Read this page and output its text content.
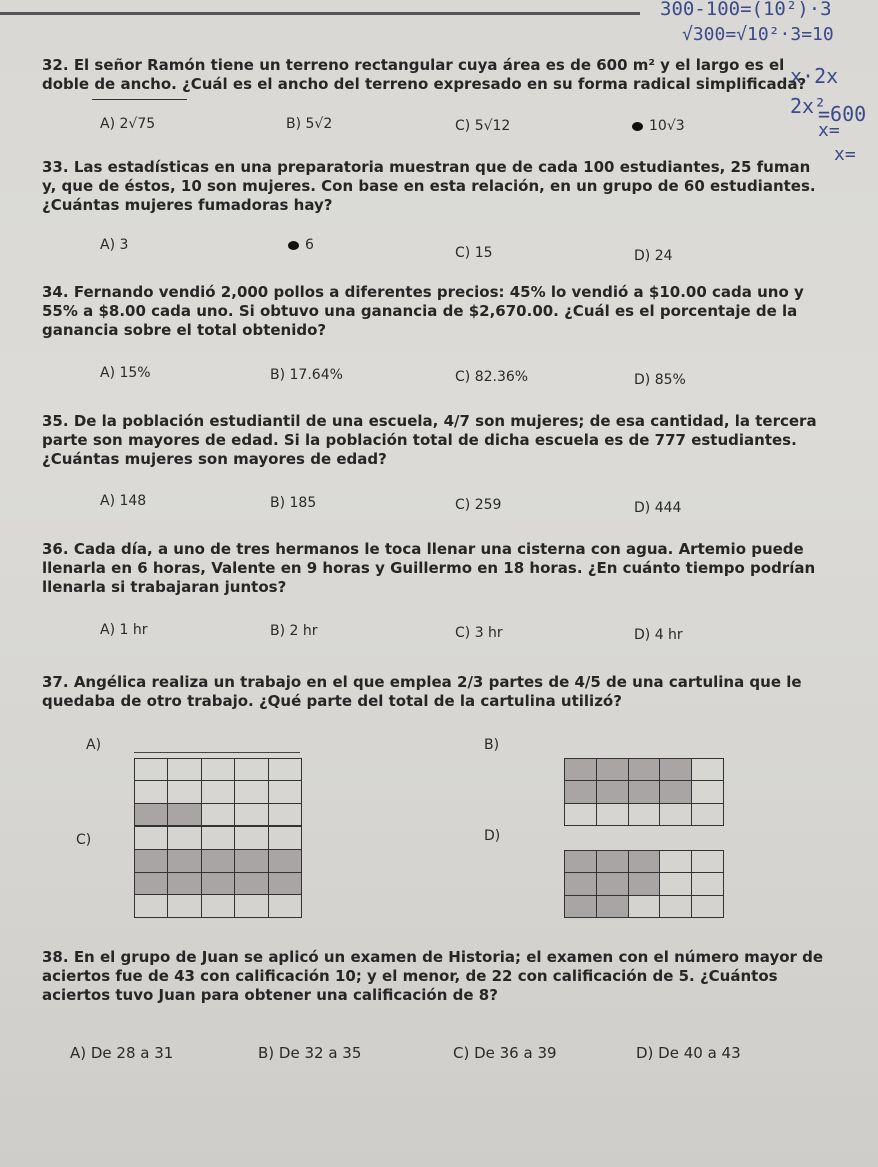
300-100=(10²)·3
√300=√10²·3=10
x·2x
2x²
=600
x=
x=
32. El señor Ramón tiene un terreno rectangular cuya área es de 600 m² y el largo es el doble de ancho. ¿Cuál es el ancho del terreno expresado en su forma radical simplificada?
A) 2√75	B) 5√2	C) 5√12	10√3
33. Las estadísticas en una preparatoria muestran que de cada 100 estudiantes, 25 fuman y, que de éstos, 10 son mujeres. Con base en esta relación, en un grupo de 60 estudiantes. ¿Cuántas mujeres fumadoras hay?
A) 3	6	C) 15	D) 24
34. Fernando vendió 2,000 pollos a diferentes precios: 45% lo vendió a $10.00 cada uno y 55% a $8.00 cada uno. Si obtuvo una ganancia de $2,670.00. ¿Cuál es el porcentaje de la ganancia sobre el total obtenido?
A) 15%	B) 17.64%	C) 82.36%	D) 85%
35. De la población estudiantil de una escuela, 4/7 son mujeres; de esa cantidad, la tercera parte son mayores de edad. Si la población total de dicha escuela es de 777 estudiantes. ¿Cuántas mujeres son mayores de edad?
A) 148	B) 185	C) 259	D) 444
36. Cada día, a uno de tres hermanos le toca llenar una cisterna con agua. Artemio puede llenarla en 6 horas, Valente en 9 horas y Guillermo en 18 horas. ¿En cuánto tiempo podrían llenarla si trabajaran juntos?
A) 1 hr	B) 2 hr	C) 3 hr	D) 4 hr
37. Angélica realiza un trabajo en el que emplea 2/3 partes de 4/5 de una cartulina que le quedaba de otro trabajo. ¿Qué parte del total de la cartulina utilizó?
A)	B)
C)	D)

38. En el grupo de Juan se aplicó un examen de Historia; el examen con el número mayor de aciertos fue de 43 con calificación 10; y el menor, de 22 con calificación de 5. ¿Cuántos aciertos tuvo Juan para obtener una calificación de 8?
A) De 28 a 31	B) De 32 a 35	C) De 36 a 39	D) De 40 a 43
